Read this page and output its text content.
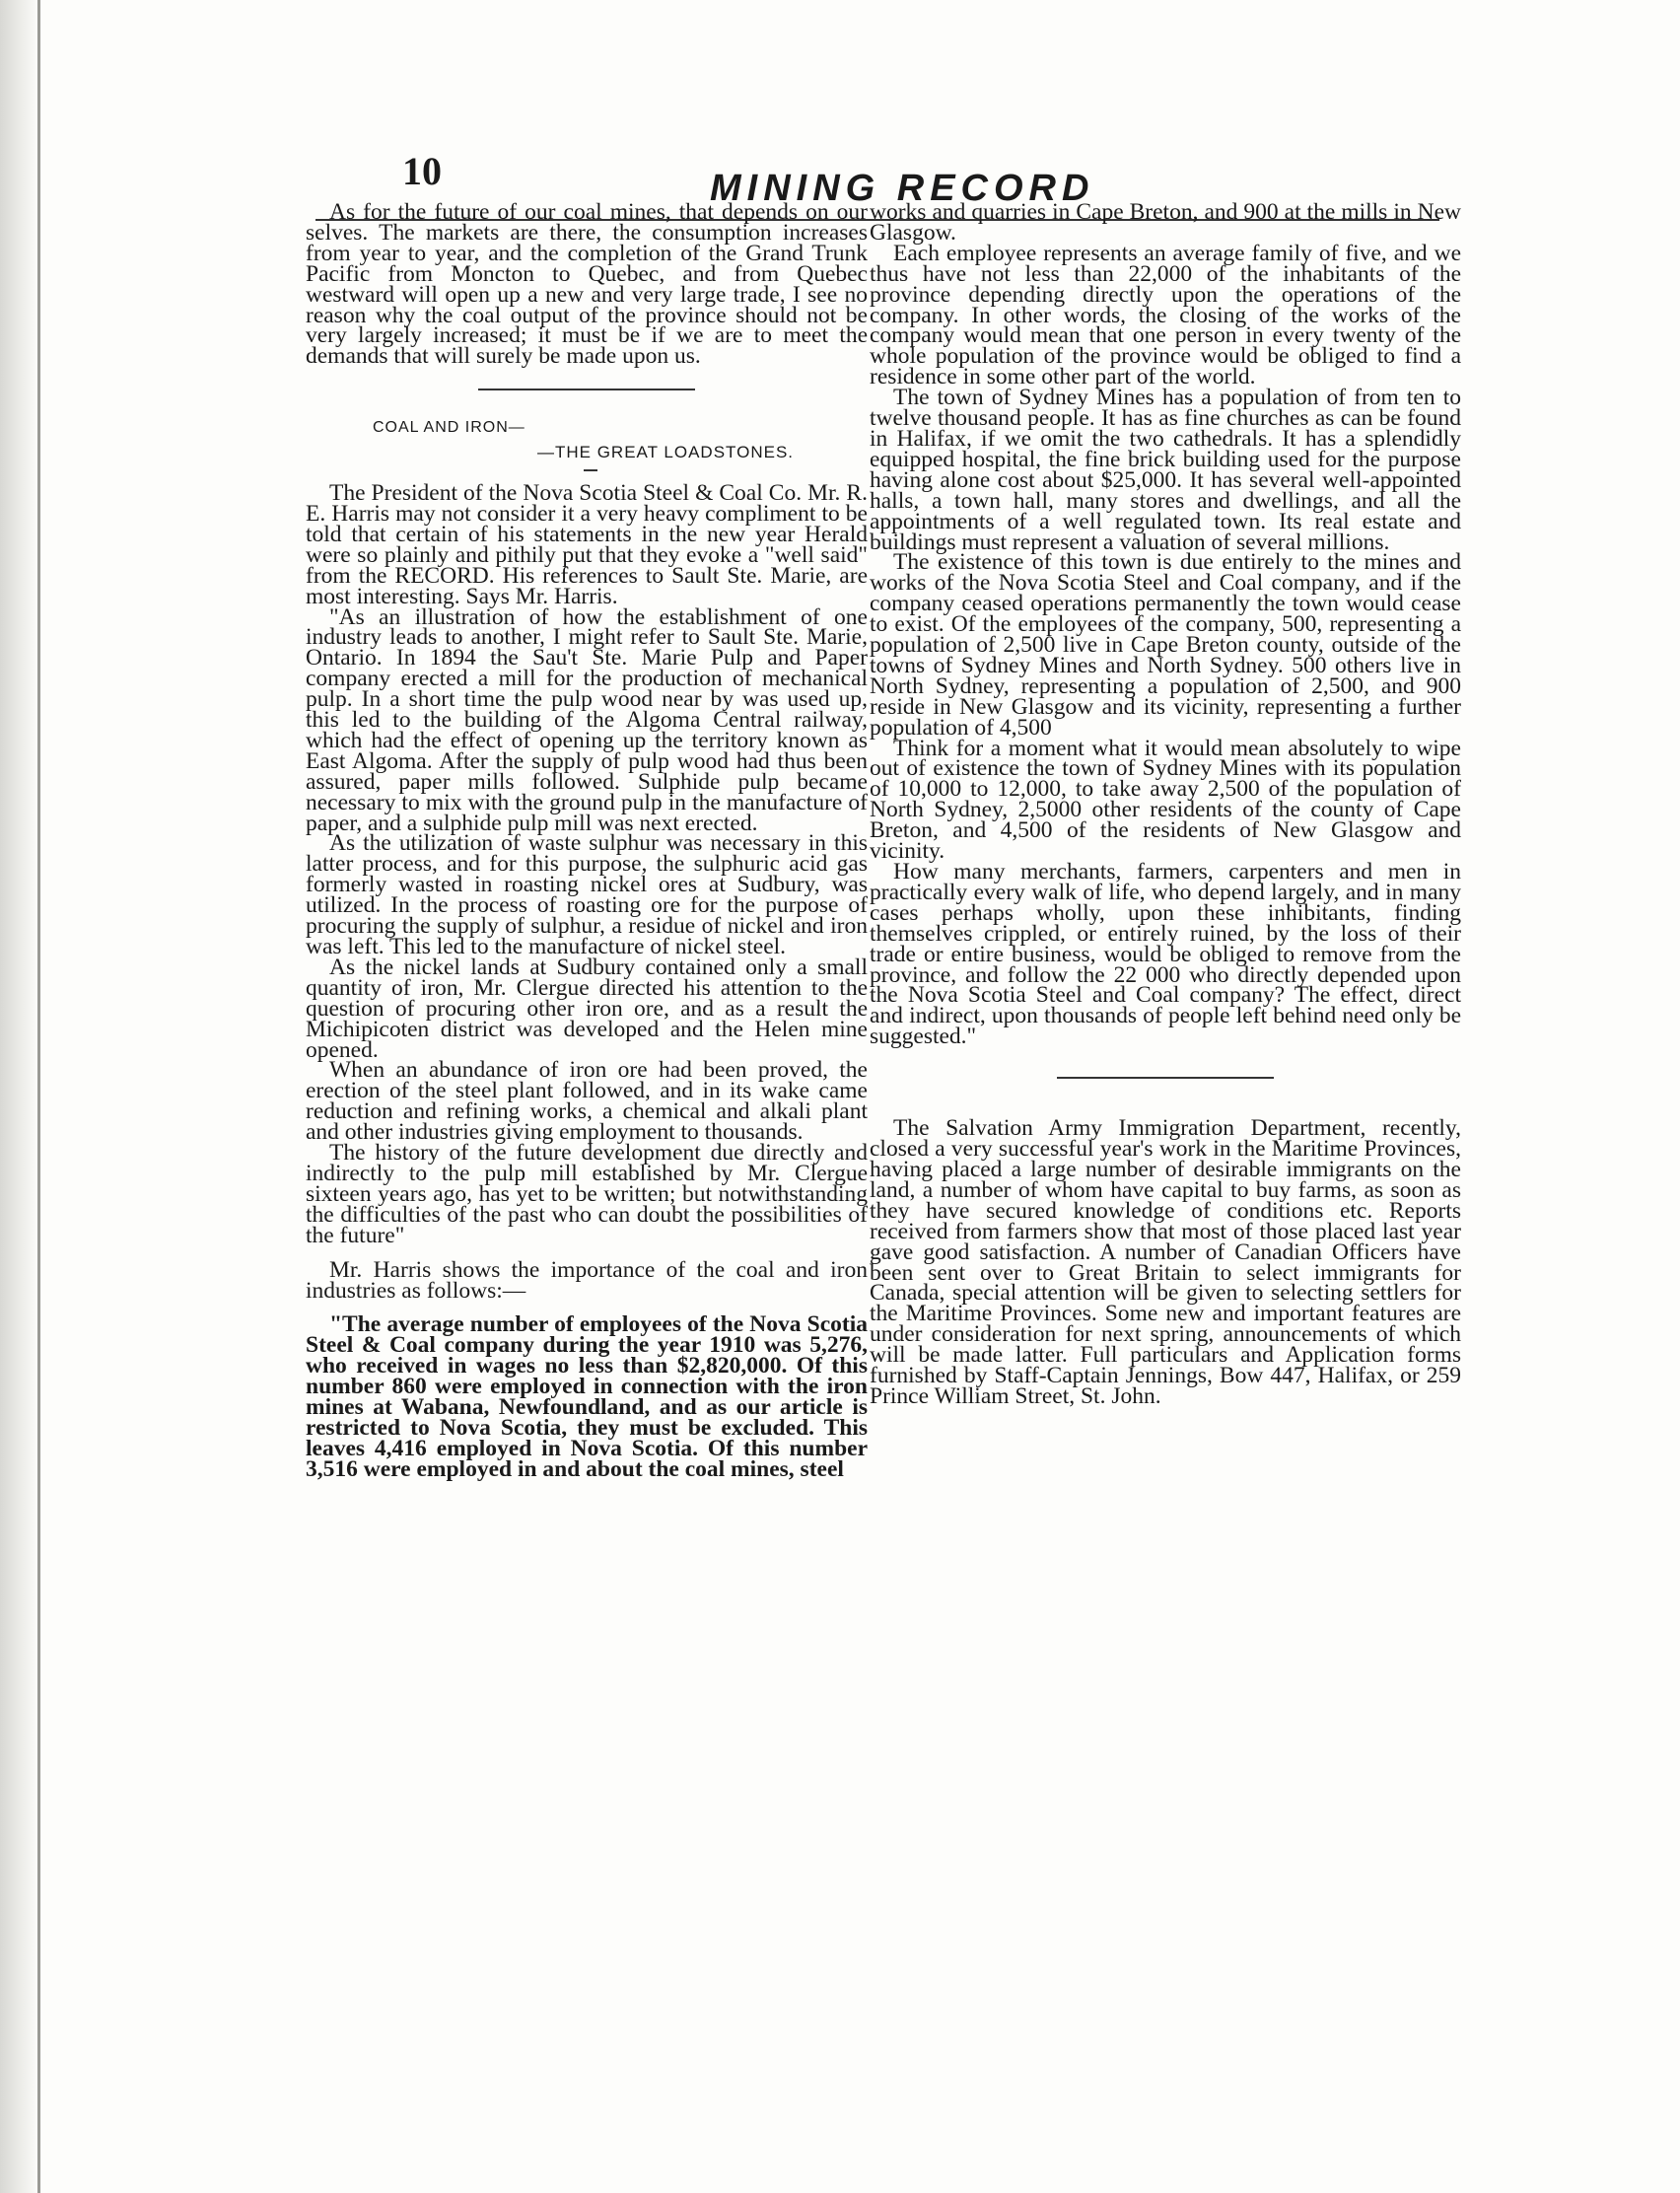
10	MINING RECORD

As for the future of our coal mines, that depends on our selves. The markets are there, the consumption increases from year to year, and the completion of the Grand Trunk Pacific from Moncton to Quebec, and from Quebec westward will open up a new and very large trade, I see no reason why the coal output of the province should not be very largely increased; it must be if we are to meet the demands that will surely be made upon us.

COAL AND IRON—
—THE GREAT LOADSTONES.

The President of the Nova Scotia Steel & Coal Co. Mr. R. E. Harris may not consider it a very heavy compliment to be told that certain of his statements in the new year Herald were so plainly and pithily put that they evoke a "well said" from the RECORD. His references to Sault Ste. Marie, are most interesting. Says Mr. Harris.

"As an illustration of how the establishment of one industry leads to another, I might refer to Sault Ste. Marie, Ontario. In 1894 the Sau't Ste. Marie Pulp and Paper company erected a mill for the production of mechanical pulp. In a short time the pulp wood near by was used up, this led to the building of the Algoma Central railway, which had the effect of opening up the territory known as East Algoma. After the supply of pulp wood had thus been assured, paper mills followed. Sulphide pulp became necessary to mix with the ground pulp in the manufacture of paper, and a sulphide pulp mill was next erected.

As the utilization of waste sulphur was necessary in this latter process, and for this purpose, the sulphuric acid gas formerly wasted in roasting nickel ores at Sudbury, was utilized. In the process of roasting ore for the purpose of procuring the supply of sulphur, a residue of nickel and iron was left. This led to the manufacture of nickel steel.

As the nickel lands at Sudbury contained only a small quantity of iron, Mr. Clergue directed his attention to the question of procuring other iron ore, and as a result the Michipicoten district was developed and the Helen mine opened.

When an abundance of iron ore had been proved, the erection of the steel plant followed, and in its wake came reduction and refining works, a chemical and alkali plant and other industries giving employment to thousands.

The history of the future development due directly and indirectly to the pulp mill established by Mr. Clergue sixteen years ago, has yet to be written; but notwithstanding the difficulties of the past who can doubt the possibilities of the future"

Mr. Harris shows the importance of the coal and iron industries as follows:—

"The average number of employees of the Nova Scotia Steel & Coal company during the year 1910 was 5,276, who received in wages no less than $2,820,000. Of this number 860 were employed in connection with the iron mines at Wabana, Newfoundland, and as our article is restricted to Nova Scotia, they must be excluded. This leaves 4,416 employed in Nova Scotia. Of this number 3,516 were employed in and about the coal mines, steel

works and quarries in Cape Breton, and 900 at the mills in New Glasgow.

Each employee represents an average family of five, and we thus have not less than 22,000 of the inhabitants of the province depending directly upon the operations of the company. In other words, the closing of the works of the company would mean that one person in every twenty of the whole population of the province would be obliged to find a residence in some other part of the world.

The town of Sydney Mines has a population of from ten to twelve thousand people. It has as fine churches as can be found in Halifax, if we omit the two cathedrals. It has a splendidly equipped hospital, the fine brick building used for the purpose having alone cost about $25,000. It has several well-appointed halls, a town hall, many stores and dwellings, and all the appointments of a well regulated town. Its real estate and buildings must represent a valuation of several millions.

The existence of this town is due entirely to the mines and works of the Nova Scotia Steel and Coal company, and if the company ceased operations permanently the town would cease to exist. Of the employees of the company, 500, representing a population of 2,500 live in Cape Breton county, outside of the towns of Sydney Mines and North Sydney. 500 others live in North Sydney, representing a population of 2,500, and 900 reside in New Glasgow and its vicinity, representing a further population of 4,500

Think for a moment what it would mean absolutely to wipe out of existence the town of Sydney Mines with its population of 10,000 to 12,000, to take away 2,500 of the population of North Sydney, 2,5000 other residents of the county of Cape Breton, and 4,500 of the residents of New Glasgow and vicinity.

How many merchants, farmers, carpenters and men in practically every walk of life, who depend largely, and in many cases perhaps wholly, upon these inhibitants, finding themselves crippled, or entirely ruined, by the loss of their trade or entire business, would be obliged to remove from the province, and follow the 22 000 who directly depended upon the Nova Scotia Steel and Coal company? The effect, direct and indirect, upon thousands of people left behind need only be suggested."

The Salvation Army Immigration Department, recently, closed a very successful year's work in the Maritime Provinces, having placed a large number of desirable immigrants on the land, a number of whom have capital to buy farms, as soon as they have secured knowledge of conditions etc. Reports received from farmers show that most of those placed last year gave good satisfaction. A number of Canadian Officers have been sent over to Great Britain to select immigrants for Canada, special attention will be given to selecting settlers for the Maritime Provinces. Some new and important features are under consideration for next spring, announcements of which will be made latter. Full particulars and Application forms furnished by Staff-Captain Jennings, Bow 447, Halifax, or 259 Prince William Street, St. John.
